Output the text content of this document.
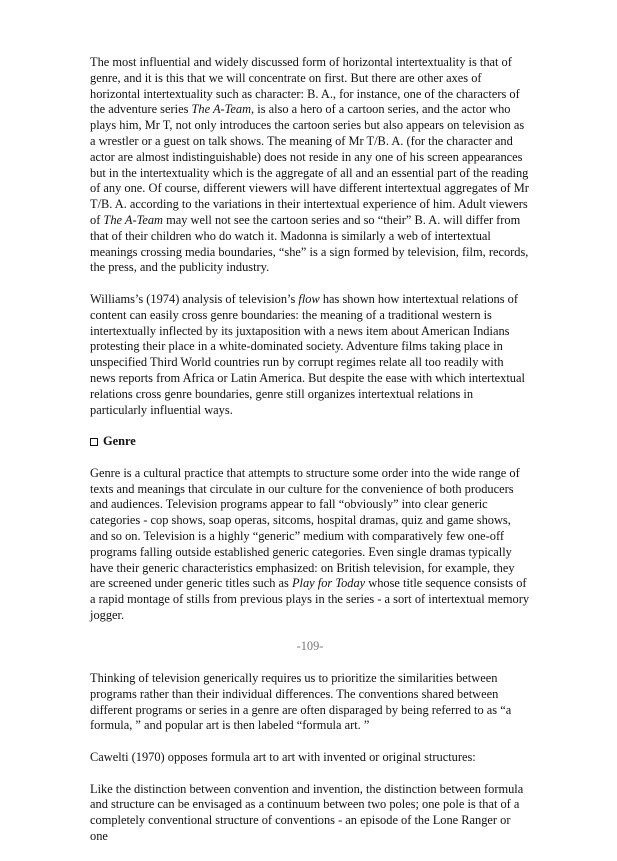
The most influential and widely discussed form of horizontal intertextuality is that of genre, and it is this that we will concentrate on first. But there are other axes of horizontal intertextuality such as character: B. A., for instance, one of the characters of the adventure series The A-Team, is also a hero of a cartoon series, and the actor who plays him, Mr T, not only introduces the cartoon series but also appears on television as a wrestler or a guest on talk shows. The meaning of Mr T/B. A. (for the character and actor are almost indistinguishable) does not reside in any one of his screen appearances but in the intertextuality which is the aggregate of all and an essential part of the reading of any one. Of course, different viewers will have different intertextual aggregates of Mr T/B. A. according to the variations in their intertextual experience of him. Adult viewers of The A-Team may well not see the cartoon series and so “their” B. A. will differ from that of their children who do watch it. Madonna is similarly a web of intertextual meanings crossing media boundaries, “she” is a sign formed by television, film, records, the press, and the publicity industry.

Williams’s (1974) analysis of television’s flow has shown how intertextual relations of content can easily cross genre boundaries: the meaning of a traditional western is intertextually inflected by its juxtaposition with a news item about American Indians protesting their place in a white-dominated society. Adventure films taking place in unspecified Third World countries run by corrupt regimes relate all too readily with news reports from Africa or Latin America. But despite the ease with which intertextual relations cross genre boundaries, genre still organizes intertextual relations in particularly influential ways.

Genre

Genre is a cultural practice that attempts to structure some order into the wide range of texts and meanings that circulate in our culture for the convenience of both producers and audiences. Television programs appear to fall “obviously” into clear generic categories - cop shows, soap operas, sitcoms, hospital dramas, quiz and game shows, and so on. Television is a highly “generic” medium with comparatively few one-off programs falling outside established generic categories. Even single dramas typically have their generic characteristics emphasized: on British television, for example, they are screened under generic titles such as Play for Today whose title sequence consists of a rapid montage of stills from previous plays in the series - a sort of intertextual memory jogger.

-109-

Thinking of television generically requires us to prioritize the similarities between programs rather than their individual differences. The conventions shared between different programs or series in a genre are often disparaged by being referred to as “a formula, ” and popular art is then labeled “formula art. ”

Cawelti (1970) opposes formula art to art with invented or original structures:

Like the distinction between convention and invention, the distinction between formula and structure can be envisaged as a continuum between two poles; one pole is that of a completely conventional structure of conventions - an episode of the Lone Ranger or one
